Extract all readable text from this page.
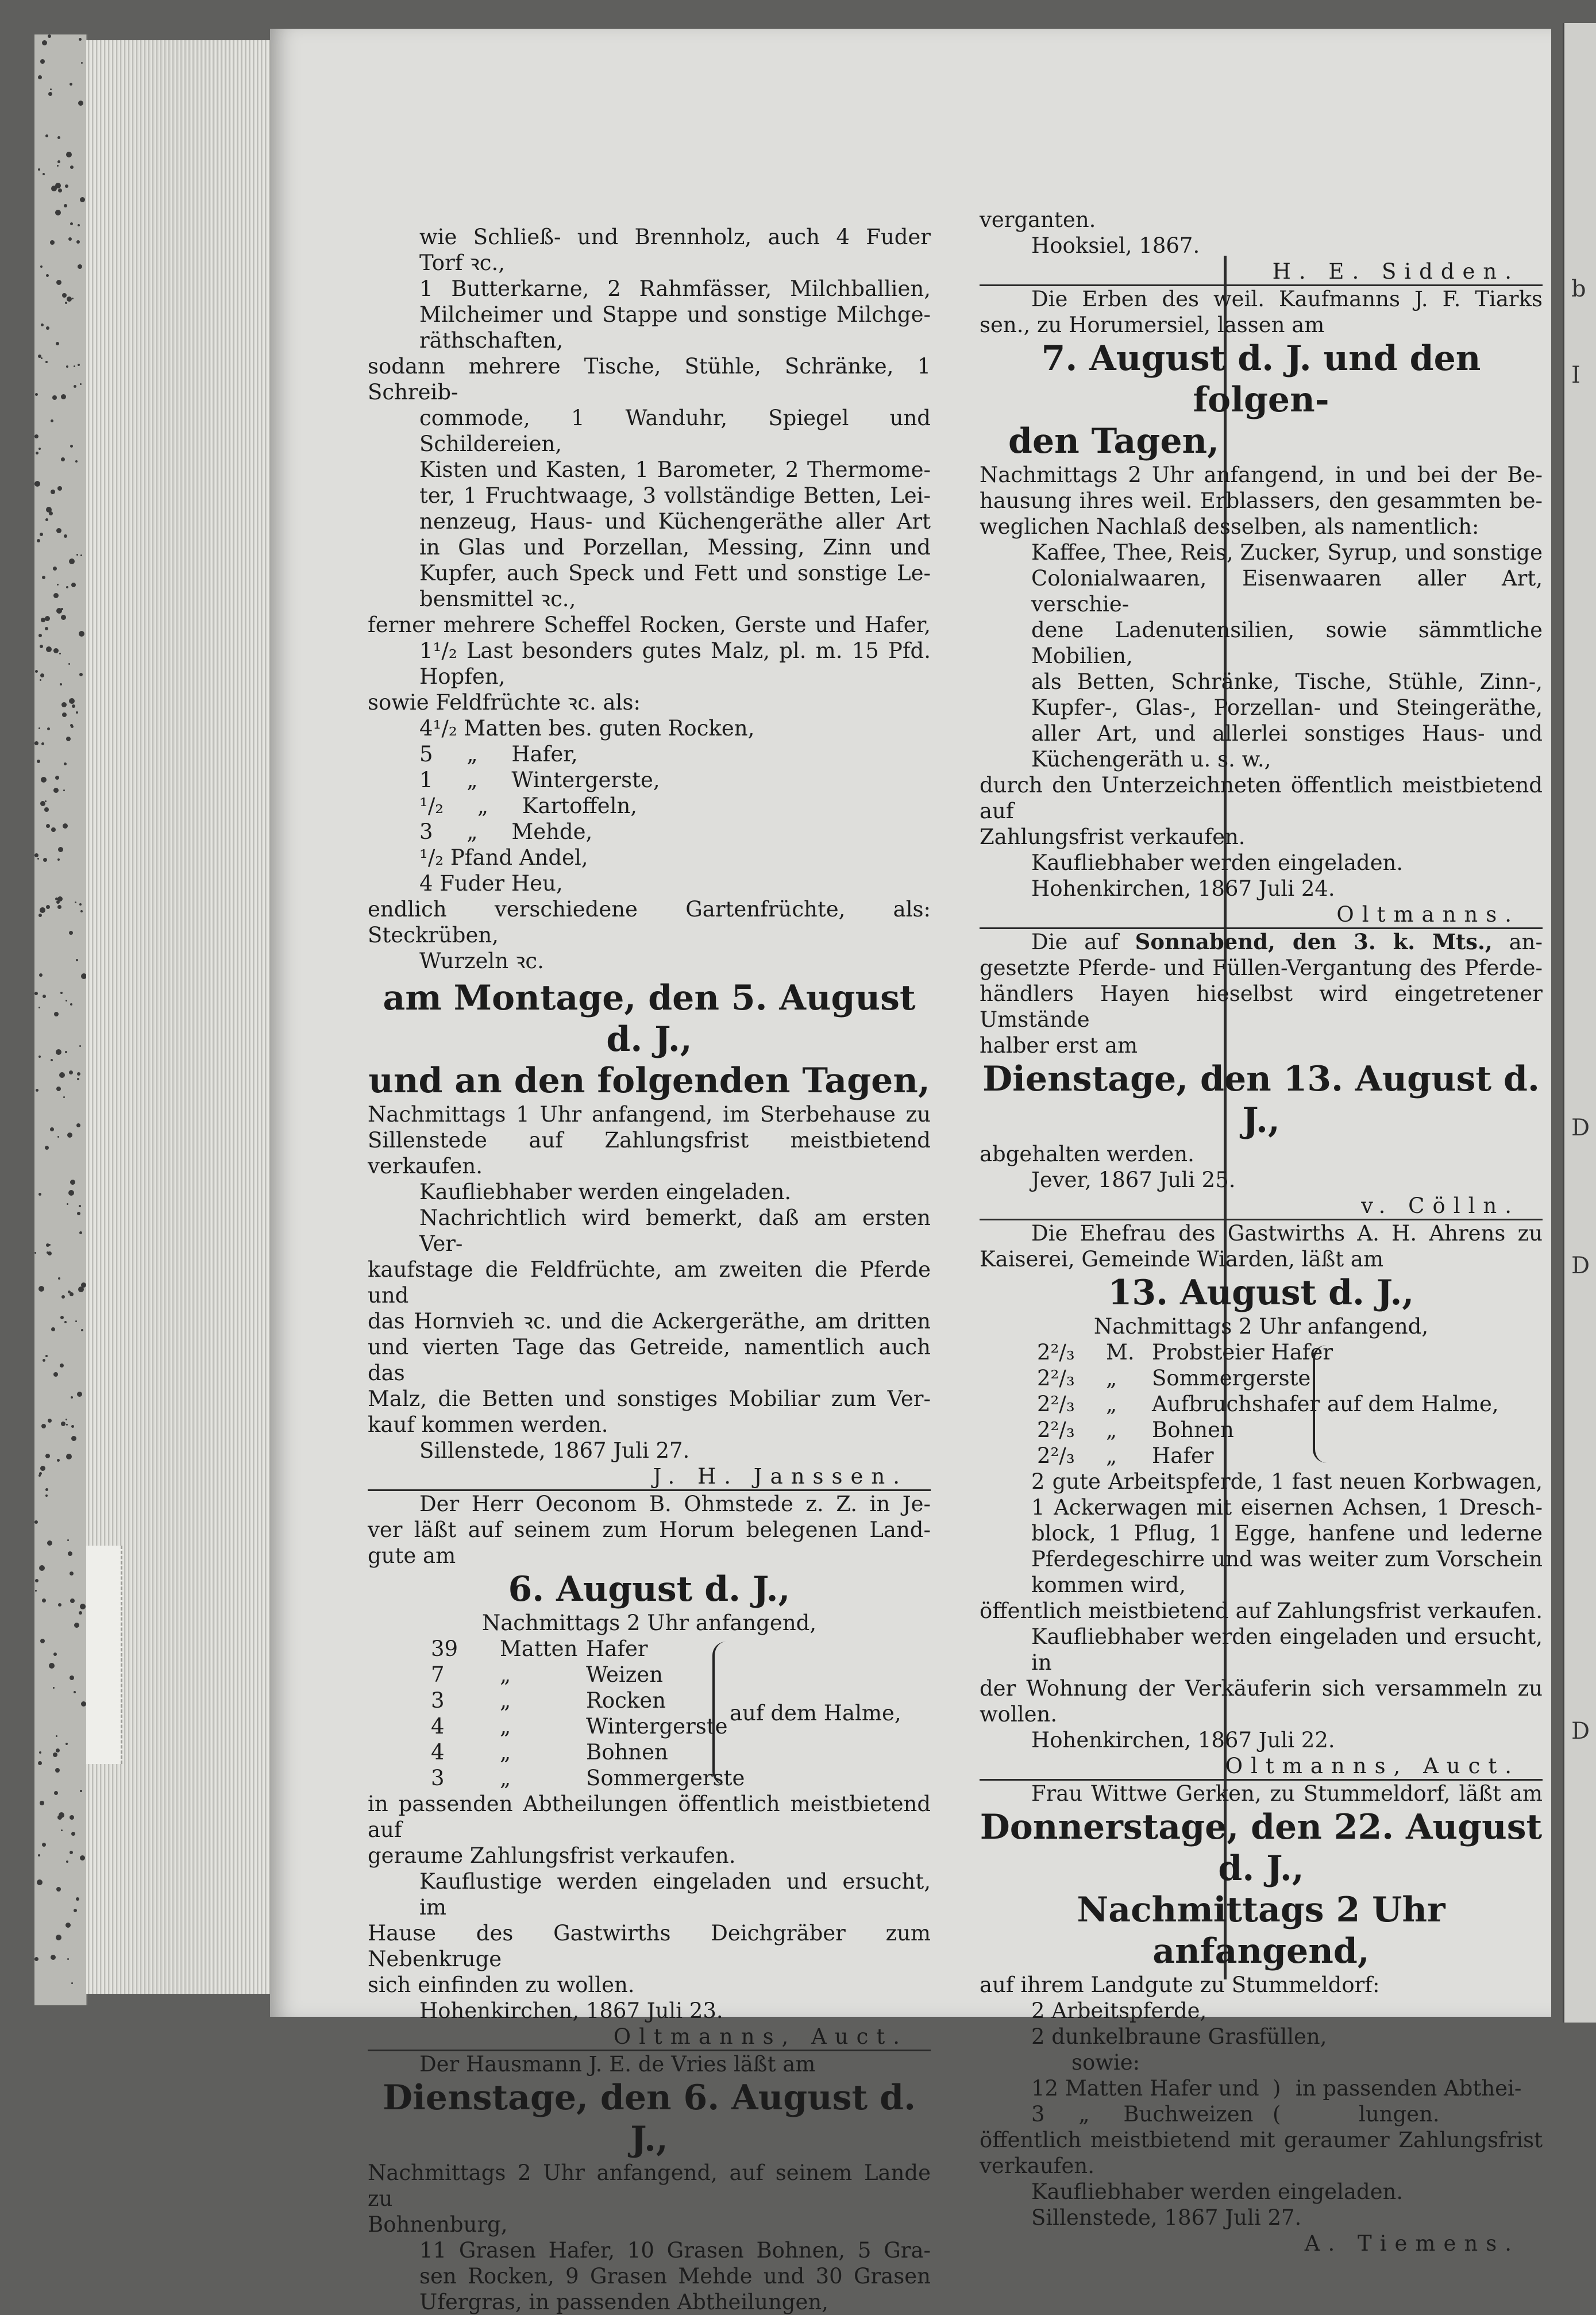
b
I
D
D
D
wie Schließ- und Brennholz, auch 4 Fuder
Torf ꝛc.,
1 Butterkarne, 2 Rahmfässer, Milchballien,
Milcheimer und Stappe und sonstige Milchge-
räthschaften,
sodann mehrere Tische, Stühle, Schränke, 1 Schreib-
commode, 1 Wanduhr, Spiegel und Schildereien,
Kisten und Kasten, 1 Barometer, 2 Thermome-
ter, 1 Fruchtwaage, 3 vollständige Betten, Lei-
nenzeug, Haus- und Küchengeräthe aller Art
in Glas und Porzellan, Messing, Zinn und
Kupfer, auch Speck und Fett und sonstige Le-
bensmittel ꝛc.,
ferner mehrere Scheffel Rocken, Gerste und Hafer,
1¹/₂ Last besonders gutes Malz, pl. m. 15 Pfd.
Hopfen,
sowie Feldfrüchte ꝛc. als:
4¹/₂ Matten bes. guten Rocken,
5     „     Hafer,
1     „     Wintergerste,
¹/₂     „     Kartoffeln,
3     „     Mehde,
¹/₂ Pfand Andel,
4 Fuder Heu,
endlich verschiedene Gartenfrüchte, als: Steckrüben,
Wurzeln ꝛc.
am Montage, den 5. August d. J.,
und an den folgenden Tagen,
Nachmittags 1 Uhr anfangend, im Sterbehause zu
Sillenstede auf Zahlungsfrist meistbietend verkaufen.
Kaufliebhaber werden eingeladen.
Nachrichtlich wird bemerkt, daß am ersten Ver-
kaufstage die Feldfrüchte, am zweiten die Pferde und
das Hornvieh ꝛc. und die Ackergeräthe, am dritten
und vierten Tage das Getreide, namentlich auch das
Malz, die Betten und sonstiges Mobiliar zum Ver-
kauf kommen werden.
Sillenstede, 1867 Juli 27.
J. H. Janssen.
Der Herr Oeconom B. Ohmstede z. Z. in Je-
ver läßt auf seinem zum Horum belegenen Land-
gute am
6. August d. J.,
Nachmittags 2 Uhr anfangend,
39	Matten Hafer
7	„	Weizen
3	„	Rocken
4	„	Wintergerste
4	„	Bohnen
3	„	Sommergerste
auf dem Halme,
in passenden Abtheilungen öffentlich meistbietend auf
geraume Zahlungsfrist verkaufen.
Kauflustige werden eingeladen und ersucht, im
Hause des Gastwirths Deichgräber zum Nebenkruge
sich einfinden zu wollen.
Hohenkirchen, 1867 Juli 23.
Oltmanns, Auct.
Der Hausmann J. E. de Vries läßt am
Dienstage, den 6. August d. J.,
Nachmittags 2 Uhr anfangend, auf seinem Lande zu
Bohnenburg,
11 Grasen Hafer, 10 Grasen Bohnen, 5 Gra-
sen Rocken, 9 Grasen Mehde und 30 Grasen
Ufergras, in passenden Abtheilungen,
verganten.
Hooksiel, 1867.
H. E. Sidden.
Die Erben des weil. Kaufmanns J. F. Tiarks
sen., zu Horumersiel, lassen am
7. August d. J. und den folgen-
den Tagen,
Nachmittags 2 Uhr anfangend, in und bei der Be-
hausung ihres weil. Erblassers, den gesammten be-
weglichen Nachlaß desselben, als namentlich:
Kaffee, Thee, Reis, Zucker, Syrup, und sonstige
Colonialwaaren, Eisenwaaren aller Art, verschie-
dene Ladenutensilien, sowie sämmtliche Mobilien,
als Betten, Schränke, Tische, Stühle, Zinn-,
Kupfer-, Glas-, Porzellan- und Steingeräthe,
aller Art, und allerlei sonstiges Haus- und
Küchengeräth u. s. w.,
durch den Unterzeichneten öffentlich meistbietend auf
Zahlungsfrist verkaufen.
Kaufliebhaber werden eingeladen.
Hohenkirchen, 1867 Juli 24.
Oltmanns.
Die auf Sonnabend, den 3. k. Mts., an-
gesetzte Pferde- und Füllen-Vergantung des Pferde-
händlers Hayen hieselbst wird eingetretener Umstände
halber erst am
Dienstage, den 13. August d. J.,
abgehalten werden.
Jever, 1867 Juli 25.
v. Cölln.
Die Ehefrau des Gastwirths A. H. Ahrens zu
Kaiserei, Gemeinde Wiarden, läßt am
13. August d. J.,
Nachmittags 2 Uhr anfangend,
2²/₃	M. Probsteier Hafer
2²/₃	„	Sommergerste
2²/₃	„	Aufbruchshafer
2²/₃	„	Bohnen
2²/₃	„	Hafer
auf dem Halme,
2 gute Arbeitspferde, 1 fast neuen Korbwagen,
1 Ackerwagen mit eisernen Achsen, 1 Dresch-
block, 1 Pflug, 1 Egge, hanfene und lederne
Pferdegeschirre und was weiter zum Vorschein
kommen wird,
öffentlich meistbietend auf Zahlungsfrist verkaufen.
Kaufliebhaber werden eingeladen und ersucht, in
der Wohnung der Verkäuferin sich versammeln zu
wollen.
Hohenkirchen, 1867 Juli 22.
Oltmanns, Auct.
Frau Wittwe Gerken, zu Stummeldorf, läßt am
Donnerstage, den 22. August d. J.,
Nachmittags 2 Uhr anfangend,
auf ihrem Landgute zu Stummeldorf:
2 Arbeitspferde,
2 dunkelbraune Grasfüllen,
sowie:
12 Matten Hafer und ) in passenden Abthei-
3     „     Buchweizen (	lungen.
öffentlich meistbietend mit geraumer Zahlungsfrist
verkaufen.
Kaufliebhaber werden eingeladen.
Sillenstede, 1867 Juli 27.
A. Tiemens.
